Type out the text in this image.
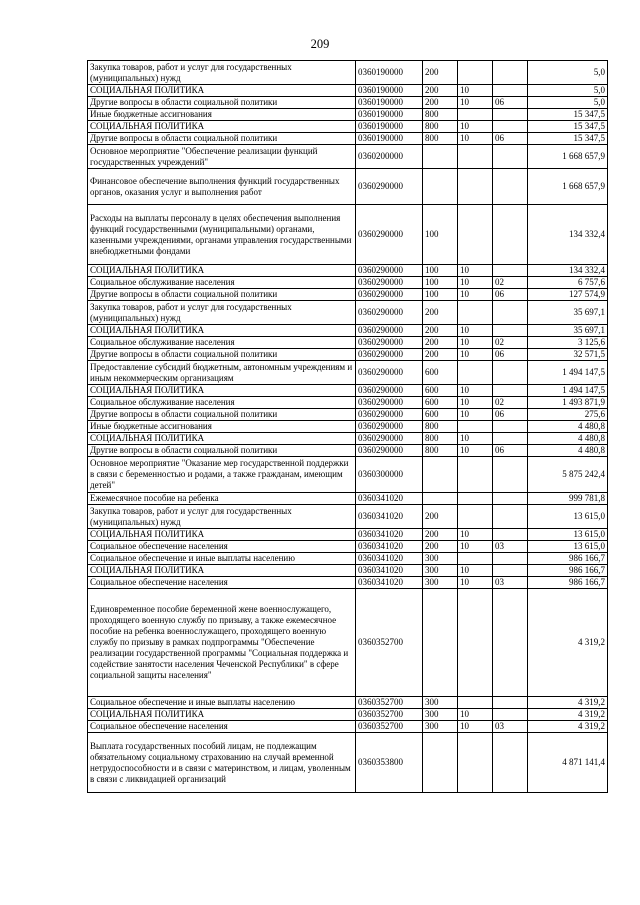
209
Закупка товаров, работ и услуг для государственных (муниципальных) нужд	0360190000	200			5,0
СОЦИАЛЬНАЯ ПОЛИТИКА	0360190000	200	10		5,0
Другие вопросы в области социальной политики	0360190000	200	10	06	5,0
Иные бюджетные ассигнования	0360190000	800			15 347,5
СОЦИАЛЬНАЯ ПОЛИТИКА	0360190000	800	10		15 347,5
Другие вопросы в области социальной политики	0360190000	800	10	06	15 347,5
Основное мероприятие "Обеспечение реализации функций государственных учреждений"	0360200000				1 668 657,9
Финансовое обеспечение выполнения функций государственных органов, оказания услуг и выполнения работ	0360290000				1 668 657,9
Расходы на выплаты персоналу в целях обеспечения выполнения функций государственными (муниципальными) органами, казенными учреждениями, органами управления государственными внебюджетными фондами	0360290000	100			134 332,4
СОЦИАЛЬНАЯ ПОЛИТИКА	0360290000	100	10		134 332,4
Социальное обслуживание населения	0360290000	100	10	02	6 757,6
Другие вопросы в области социальной политики	0360290000	100	10	06	127 574,9
Закупка товаров, работ и услуг для государственных (муниципальных) нужд	0360290000	200			35 697,1
СОЦИАЛЬНАЯ ПОЛИТИКА	0360290000	200	10		35 697,1
Социальное обслуживание населения	0360290000	200	10	02	3 125,6
Другие вопросы в области социальной политики	0360290000	200	10	06	32 571,5
Предоставление субсидий бюджетным, автономным учреждениям и иным некоммерческим организациям	0360290000	600			1 494 147,5
СОЦИАЛЬНАЯ ПОЛИТИКА	0360290000	600	10		1 494 147,5
Социальное обслуживание населения	0360290000	600	10	02	1 493 871,9
Другие вопросы в области социальной политики	0360290000	600	10	06	275,6
Иные бюджетные ассигнования	0360290000	800			4 480,8
СОЦИАЛЬНАЯ ПОЛИТИКА	0360290000	800	10		4 480,8
Другие вопросы в области социальной политики	0360290000	800	10	06	4 480,8
Основное мероприятие "Оказание мер государственной поддержки в связи с беременностью и родами, а также гражданам, имеющим детей"	0360300000				5 875 242,4
Ежемесячное пособие на ребенка	0360341020				999 781,8
Закупка товаров, работ и услуг для государственных (муниципальных) нужд	0360341020	200			13 615,0
СОЦИАЛЬНАЯ ПОЛИТИКА	0360341020	200	10		13 615,0
Социальное обеспечение населения	0360341020	200	10	03	13 615,0
Социальное обеспечение и иные выплаты населению	0360341020	300			986 166,7
СОЦИАЛЬНАЯ ПОЛИТИКА	0360341020	300	10		986 166,7
Социальное обеспечение населения	0360341020	300	10	03	986 166,7
Единовременное пособие беременной жене военнослужащего, проходящего военную службу по призыву, а также ежемесячное пособие на ребенка военнослужащего, проходящего военную службу по призыву в рамках подпрограммы "Обеспечение реализации государственной программы "Социальная поддержка и содействие занятости населения Чеченской Республики" в сфере социальной защиты населения"	0360352700				4 319,2
Социальное обеспечение и иные выплаты населению	0360352700	300			4 319,2
СОЦИАЛЬНАЯ ПОЛИТИКА	0360352700	300	10		4 319,2
Социальное обеспечение населения	0360352700	300	10	03	4 319,2
Выплата государственных пособий лицам, не подлежащим обязательному социальному страхованию на случай временной нетрудоспособности и в связи с материнством, и лицам, уволенным в связи с ликвидацией организаций	0360353800				4 871 141,4
